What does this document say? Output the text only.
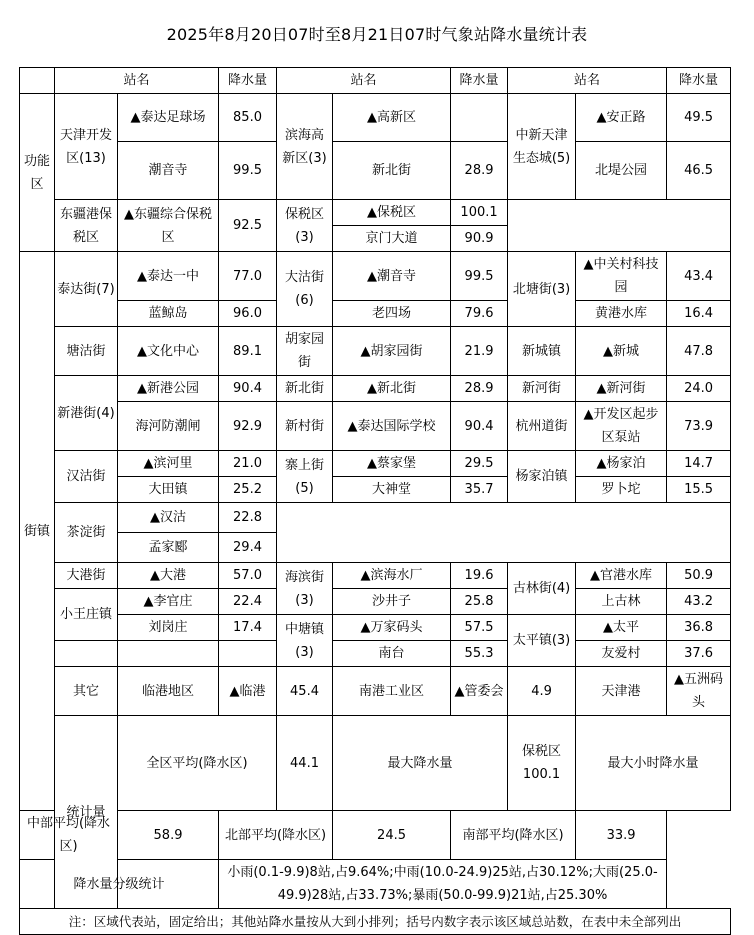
2025年8月20日07时至8月21日07时气象站降水量统计表
	站名		降水量	站名		降水量	站名		降水量	
功能区	天津开发区(13)	▲泰达足球场	85.0	滨海高新区(3)	▲高新区		中新天津生态城(5)	▲安正路	49.5	
		潮音寺	99.5		新北街	28.9		北堤公园	46.5	
	东疆港保税区	▲东疆综合保税区	92.5	保税区(3)	▲保税区	100.1				
					京门大道	90.9				
街镇	泰达街(7)	▲泰达一中	77.0	大沽街(6)	▲潮音寺	99.5	北塘街(3)	▲中关村科技园	43.4	
		蓝鲸岛	96.0		老四场	79.6		黄港水库	16.4	
	塘沽街	▲文化中心	89.1	胡家园街	▲胡家园街	21.9	新城镇	▲新城	47.8	
	新港街(4)	▲新港公园	90.4	新北街	▲新北街	28.9	新河街	▲新河街	24.0	
		海河防潮闸	92.9	新村街	▲泰达国际学校	90.4	杭州道街	▲开发区起步区泵站	73.9	
	汉沽街	▲滨河里	21.0	寨上街(5)	▲蔡家堡	29.5	杨家泊镇	▲杨家泊	14.7	
		大田镇	25.2		大神堂	35.7		罗卜坨	15.5	
	茶淀街	▲汉沽	22.8							
		孟家郾	29.4							
	大港街	▲大港	57.0	海滨街(3)	▲滨海水厂	19.6	古林街(4)	▲官港水库	50.9	
	小王庄镇	▲李官庄	22.4		沙井子	25.8		上古林	43.2	
		刘岗庄	17.4	中塘镇(3)	▲万家码头	57.5	太平镇(3)	▲太平	36.8	
					南台	55.3		友爱村	37.6	
	其它	临港地区	▲临港	45.4	南港工业区	▲管委会	4.9	天津港	▲五洲码头	
	统计量	全区平均(降水区)		44.1	最大降水量		保税区100.1	最大小时降水量	
中部平均(降水区)		58.9	北部平均(降水区)		24.5	南部平均(降水区)		33.9		
降水量分级统计			小雨(0.1-9.9)8站,占9.64%;中雨(10.0-24.9)25站,占30.12%;大雨(25.0-49.9)28站,占33.73%;暴雨(50.0-99.9)21站,占25.30%							
注：区域代表站，固定给出；其他站降水量按从大到小排列；括号内数字表示该区域总站数，在表中未全部列出										
